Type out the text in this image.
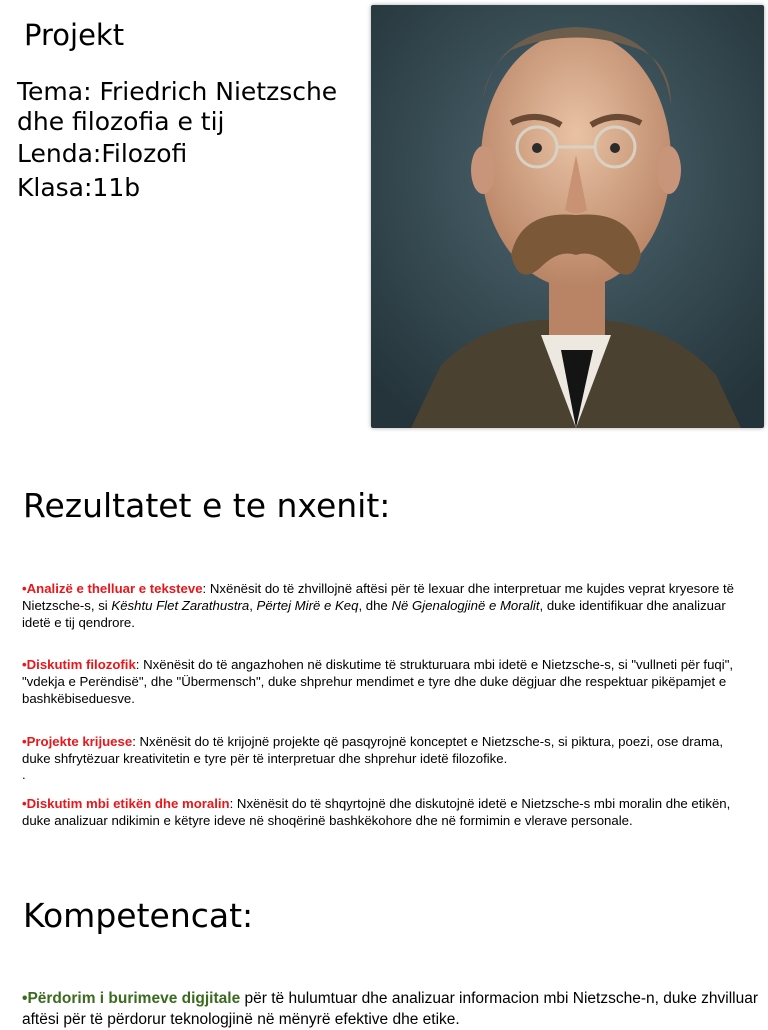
Projekt
Tema: Friedrich Nietzsche dhe filozofia e tij
Lenda:Filozofi
Klasa:11b
Rezultatet e te nxenit:
•Analizë e thelluar e teksteve: Nxënësit do të zhvillojnë aftësi për të lexuar dhe interpretuar me kujdes veprat kryesore të Nietzsche-s, si Kështu Flet Zarathustra, Përtej Mirë e Keq, dhe Në Gjenalogjinë e Moralit, duke identifikuar dhe analizuar idetë e tij qendrore.
•Diskutim filozofik: Nxënësit do të angazhohen në diskutime të strukturuara mbi idetë e Nietzsche-s, si "vullneti për fuqi", "vdekja e Perëndisë", dhe "Übermensch", duke shprehur mendimet e tyre dhe duke dëgjuar dhe respektuar pikëpamjet e bashkëbiseduesve.
•Projekte krijuese: Nxënësit do të krijojnë projekte që pasqyrojnë konceptet e Nietzsche-s, si piktura, poezi, ose drama, duke shfrytëzuar kreativitetin e tyre për të interpretuar dhe shprehur idetë filozofike.
.
•Diskutim mbi etikën dhe moralin: Nxënësit do të shqyrtojnë dhe diskutojnë idetë e Nietzsche-s mbi moralin dhe etikën, duke analizuar ndikimin e këtyre ideve në shoqërinë bashkëkohore dhe në formimin e vlerave personale.
Kompetencat:
•Përdorim i burimeve digjitale për të hulumtuar dhe analizuar informacion mbi Nietzsche-n, duke zhvilluar aftësi për të përdorur teknologjinë në mënyrë efektive dhe etike.
